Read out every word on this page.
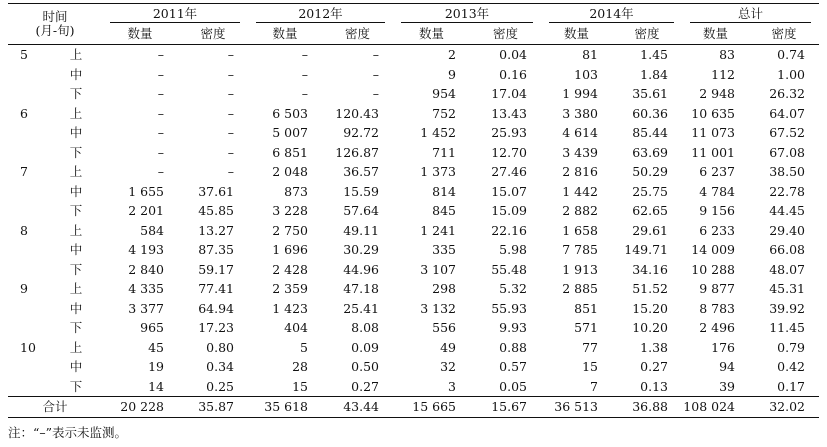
时间
(月-旬)		2011年		2012年		2013年		2014年		总计	

		数量	密度	数量	密度	数量	密度	数量	密度	数量	密度
5	上	–	–	–	–	2	0.04	81	1.45	83	0.74
	中	–	–	–	–	9	0.16	103	1.84	112	1.00
	下	–	–	–	–	954	17.04	1 994	35.61	2 948	26.32
6	上	–	–	6 503	120.43	752	13.43	3 380	60.36	10 635	64.07
	中	–	–	5 007	92.72	1 452	25.93	4 614	85.44	11 073	67.52
	下	–	–	6 851	126.87	711	12.70	3 439	63.69	11 001	67.08
7	上	–	–	2 048	36.57	1 373	27.46	2 816	50.29	6 237	38.50
	中	1 655	37.61	873	15.59	814	15.07	1 442	25.75	4 784	22.78
	下	2 201	45.85	3 228	57.64	845	15.09	2 882	62.65	9 156	44.45
8	上	584	13.27	2 750	49.11	1 241	22.16	1 658	29.61	6 233	29.40
	中	4 193	87.35	1 696	30.29	335	5.98	7 785	149.71	14 009	66.08
	下	2 840	59.17	2 428	44.96	3 107	55.48	1 913	34.16	10 288	48.07
9	上	4 335	77.41	2 359	47.18	298	5.32	2 885	51.52	9 877	45.31
	中	3 377	64.94	1 423	25.41	3 132	55.93	851	15.20	8 783	39.92
	下	965	17.23	404	8.08	556	9.93	571	10.20	2 496	11.45
10	上	45	0.80	5	0.09	49	0.88	77	1.38	176	0.79
	中	19	0.34	28	0.50	32	0.57	15	0.27	94	0.42
	下	14	0.25	15	0.27	3	0.05	7	0.13	39	0.17
合计		20 228	35.87	35 618	43.44	15 665	15.67	36 513	36.88	108 024	32.02
注：“–”表示未监测。
